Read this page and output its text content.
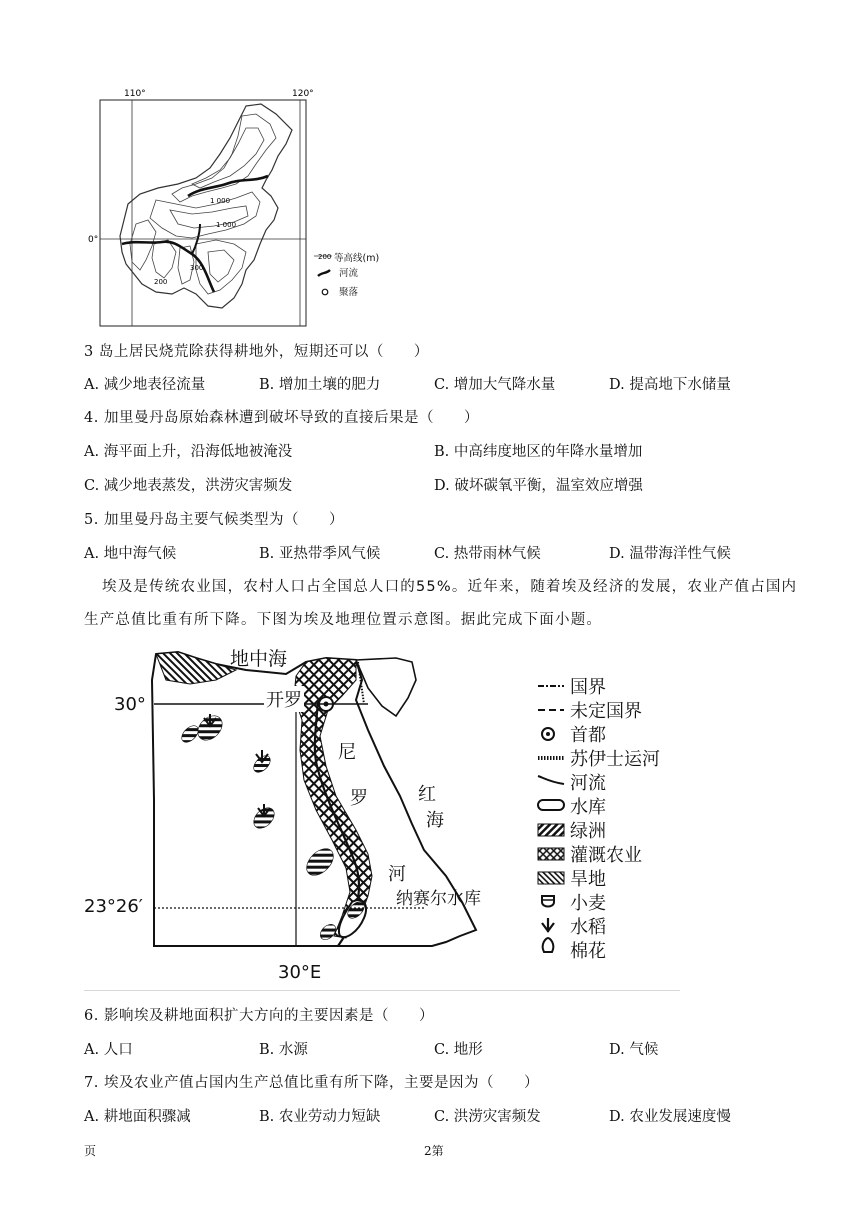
110°	120°
0°
1 000
1 000
200
300
200 等高线(m)
河流
聚落
3 岛上居民烧荒除获得耕地外，短期还可以（　　）
A. 减少地表径流量	B. 增加土壤的肥力	C. 增加大气降水量	D. 提高地下水储量
4. 加里曼丹岛原始森林遭到破坏导致的直接后果是（　　）
A. 海平面上升，沿海低地被淹没	B. 中高纬度地区的年降水量增加
C. 减少地表蒸发，洪涝灾害频发	D. 破坏碳氧平衡，温室效应增强
5. 加里曼丹岛主要气候类型为（　　）
A. 地中海气候	B. 亚热带季风气候	C. 热带雨林气候	D. 温带海洋性气候
埃及是传统农业国，农村人口占全国总人口的55%。近年来，随着埃及经济的发展，农业产值占国内
生产总值比重有所下降。下图为埃及地理位置示意图。据此完成下面小题。
地中海
开罗
30°
尼
罗
河
红
海
纳赛尔水库
23°26′
30°E
国界
未定国界
首都
苏伊士运河
河流
水库
绿洲
灌溉农业
旱地
小麦
水稻
棉花
6. 影响埃及耕地面积扩大方向的主要因素是（　　）
A. 人口	B. 水源	C. 地形	D. 气候
7. 埃及农业产值占国内生产总值比重有所下降，主要是因为（　　）
A. 耕地面积骤减	B. 农业劳动力短缺	C. 洪涝灾害频发	D. 农业发展速度慢
页	2第
